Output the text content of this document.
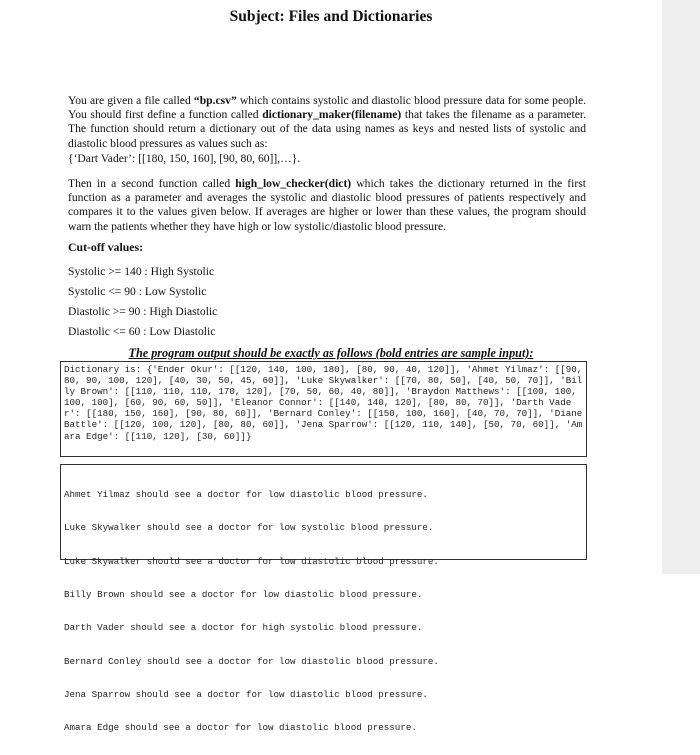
Subject: Files and Dictionaries
You are given a file called “bp.csv” which contains systolic and diastolic blood pressure data for some people. You should first define a function called dictionary_maker(filename) that takes the filename as a parameter. The function should return a dictionary out of the data using names as keys and nested lists of systolic and diastolic blood pressures as values such as:
{‘Dart Vader’: [[180, 150, 160], [90, 80, 60]],…}.
Then in a second function called high_low_checker(dict) which takes the dictionary returned in the first function as a parameter and averages the systolic and diastolic blood pressures of patients respectively and compares it to the values given below. If averages are higher or lower than these values, the program should warn the patients whether they have high or low systolic/diastolic blood pressure.
Cut-off values:
Systolic >= 140 : High Systolic
Systolic <= 90 : Low Systolic
Diastolic >= 90 : High Diastolic
Diastolic <= 60 : Low Diastolic
The program output should be exactly as follows (bold entries are sample input):
Dictionary is: {'Ender Okur': [[120, 140, 100, 180], [80, 90, 40, 120]], 'Ahmet Yilmaz': [[90, 80, 90, 100, 120], [40, 30, 50, 45, 60]], 'Luke Skywalker': [[70, 80, 50], [40, 50, 70]], 'Billy Brown': [[110, 110, 110, 170, 120], [70, 50, 60, 40, 80]], 'Braydon Matthews': [[100, 100, 100, 100], [60, 90, 60, 50]], 'Eleanor Connor': [[140, 140, 120], [80, 80, 70]], 'Darth Vader': [[180, 150, 160], [90, 80, 60]], 'Bernard Conley': [[150, 100, 160], [40, 70, 70]], 'Diane Battle': [[120, 100, 120], [80, 80, 60]], 'Jena Sparrow': [[120, 110, 140], [50, 70, 60]], 'Amara Edge': [[110, 120], [30, 60]]}

Ahmet Yilmaz should see a doctor for low diastolic blood pressure.

Luke Skywalker should see a doctor for low systolic blood pressure.

Luke Skywalker should see a doctor for low diastolic blood pressure.

Billy Brown should see a doctor for low diastolic blood pressure.

Darth Vader should see a doctor for high systolic blood pressure.

Bernard Conley should see a doctor for low diastolic blood pressure.

Jena Sparrow should see a doctor for low diastolic blood pressure.

Amara Edge should see a doctor for low diastolic blood pressure.
